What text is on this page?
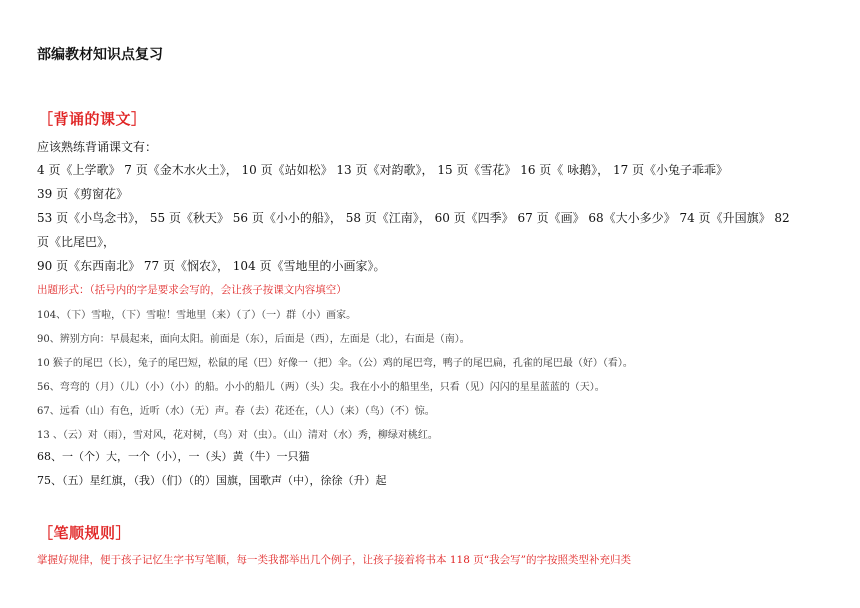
部编教材知识点复习
［背诵的课文］
应该熟练背诵课文有：
4 页《上学歌》 7 页《金木水火土》， 10 页《站如松》 13 页《对韵歌》， 15 页《雪花》 16 页《 咏鹅》， 17 页《小兔子乖乖》
39 页《剪窗花》
53 页《小鸟念书》， 55 页《秋天》 56 页《小小的船》， 58 页《江南》， 60 页《四季》 67 页《画》 68《大小多少》 74 页《升国旗》 82
页《比尾巴》，
90 页《东西南北》 77 页《悯农》， 104 页《雪地里的小画家》。
出题形式：（括号内的字是要求会写的，会让孩子按课文内容填空）
104、（下）雪啦，（下）雪啦！雪地里（来）（了）（一）群（小）画家。
90、辨别方向：早晨起来，面向太阳。前面是（东），后面是（西），左面是（北），右面是（南）。
10 猴子的尾巴（长），兔子的尾巴短，松鼠的尾（巴）好像一（把）伞。（公）鸡的尾巴弯，鸭子的尾巴扁，孔雀的尾巴最（好）（看）。
56、弯弯的（月）（儿）（小）（小）的船。小小的船儿（两）（头）尖。我在小小的船里坐，只看（见）闪闪的星星蓝蓝的（天）。
67、远看（山）有色，近听（水）（无）声。春（去）花还在，（人）（来）（鸟）（不）惊。
13 、（云）对（雨），雪对风，花对树，（鸟）对（虫）。（山）清对（水）秀，柳绿对桃红。
68、一（个）大，一个（小），一（头）黄（牛）一只猫
75、（五）星红旗，（我）（们）（的）国旗，国歌声（中），徐徐（升）起
［笔顺规则］
掌握好规律，便于孩子记忆生字书写笔顺，每一类我都举出几个例子，让孩子接着将书本 118 页“我会写”的字按照类型补充归类
